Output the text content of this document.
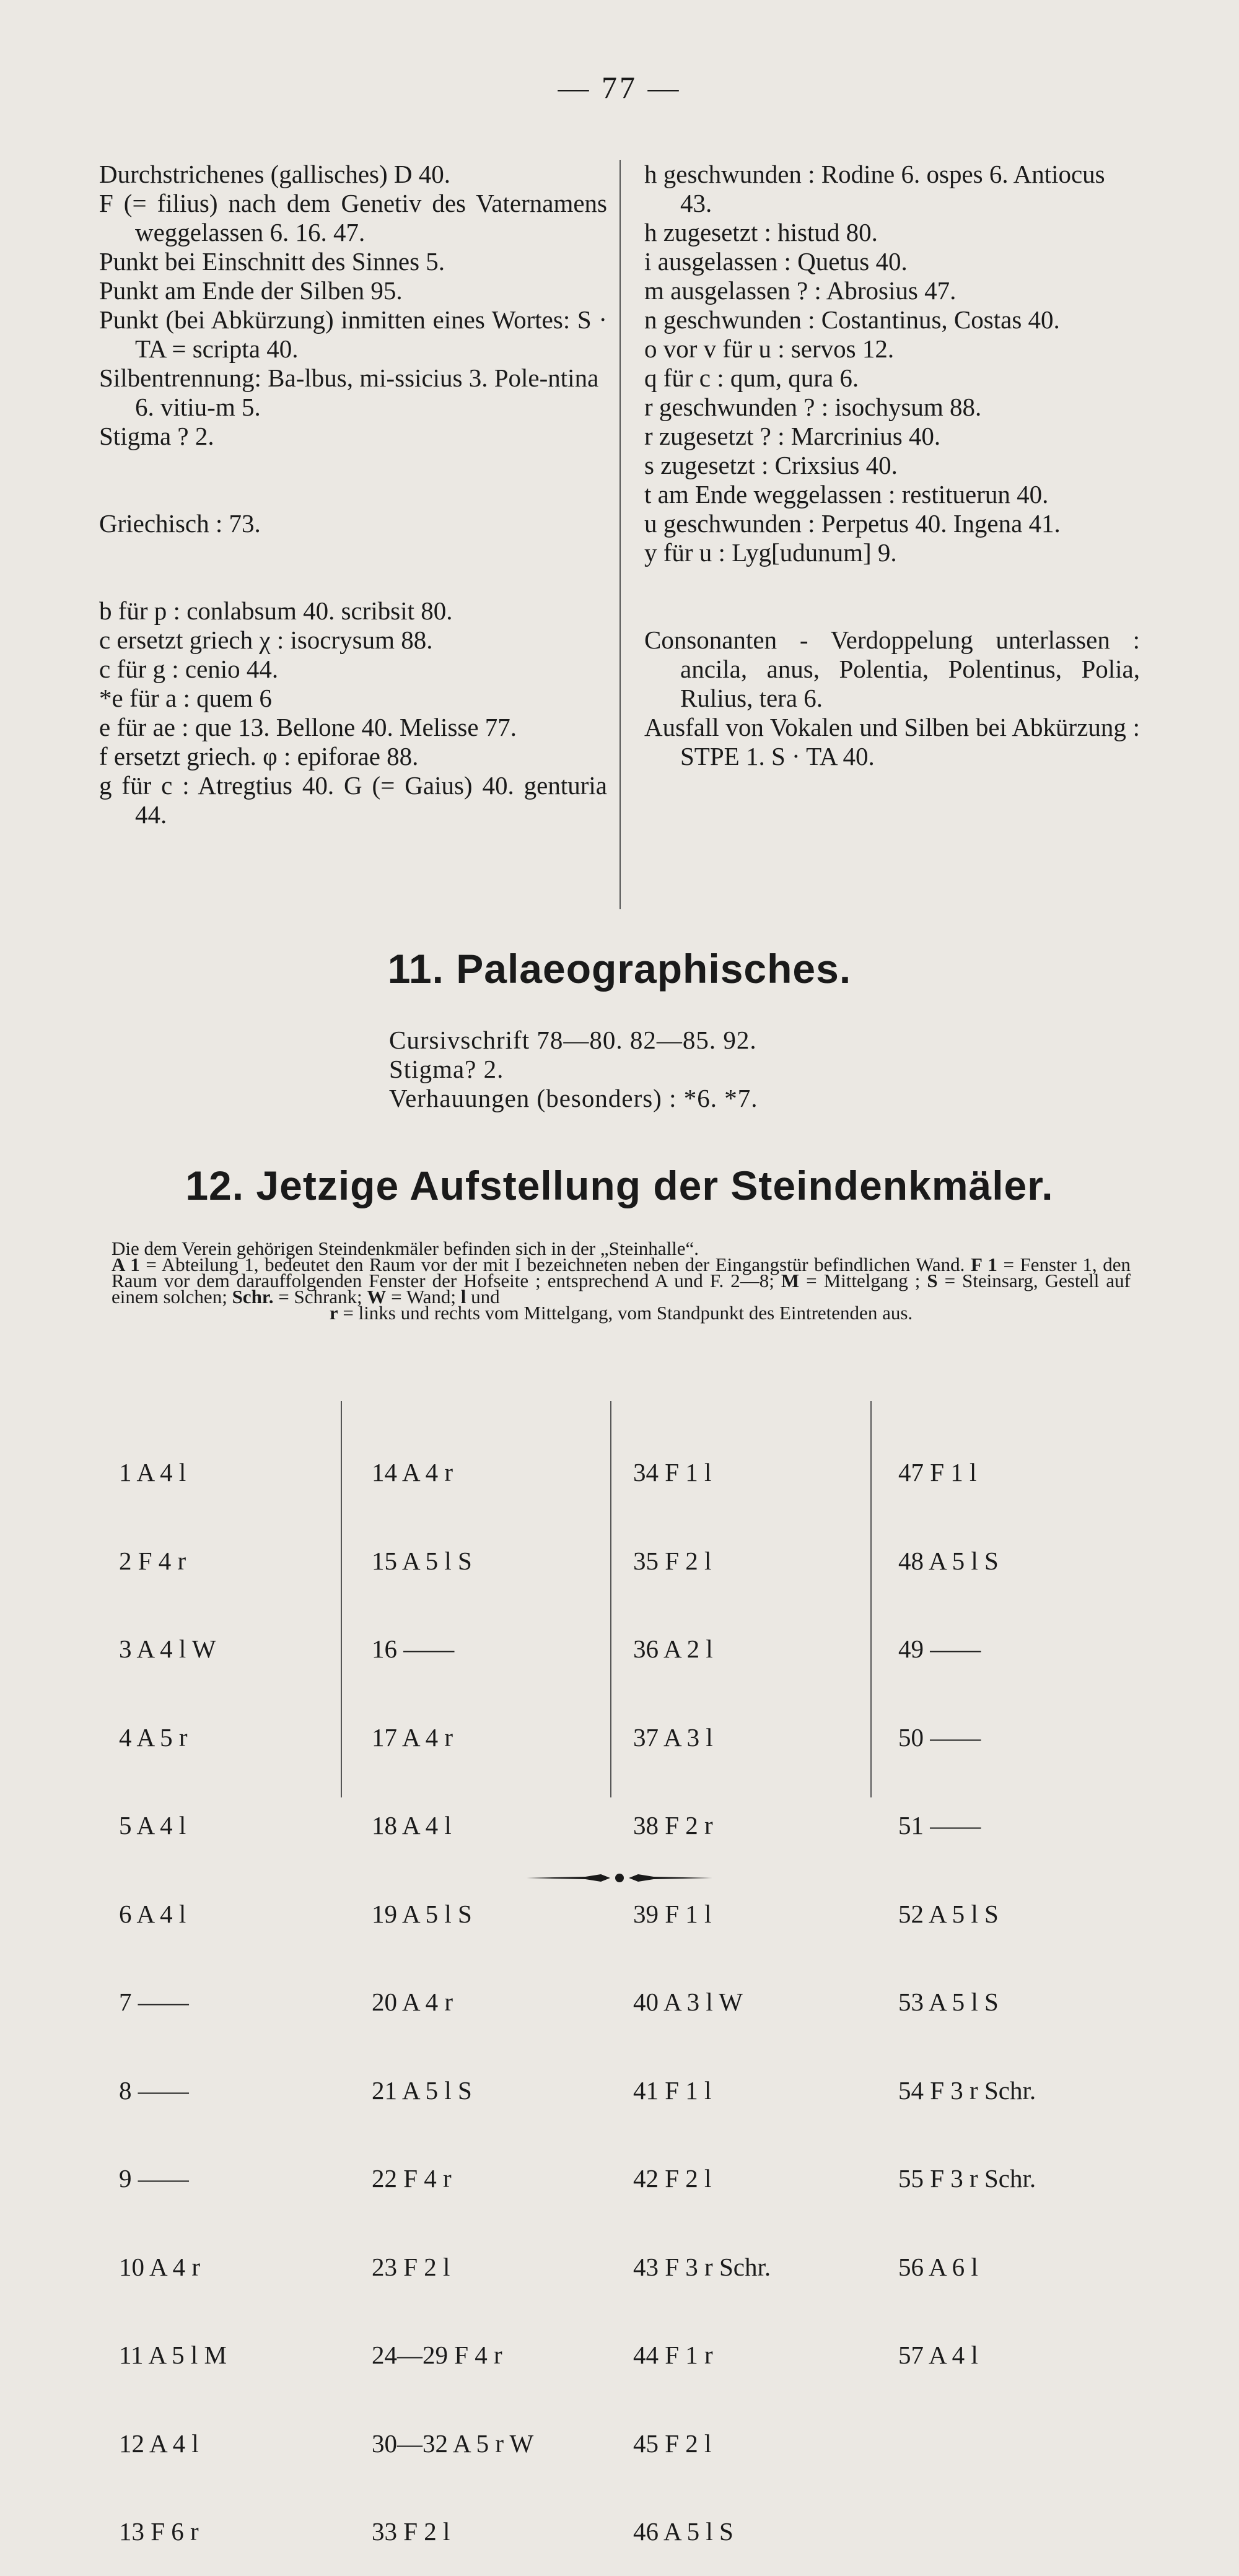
— 77 —

Durchstrichenes (gallisches) D 40.

F (= filius) nach dem Genetiv des Vaternamens weggelassen 6. 16. 47.

Punkt bei Einschnitt des Sinnes 5.

Punkt am Ende der Silben 95.

Punkt (bei Abkürzung) inmitten eines Wortes: S · TA = scripta 40.

Silbentrennung: Ba-lbus, mi-ssicius 3. Pole-ntina 6. vitiu-m 5.

Stigma ? 2.

Griechisch : 73.

b für p : conlabsum 40. scribsit 80.

c ersetzt griech χ : isocrysum 88.

c für g : cenio 44.

*e für a : quem 6

e für ae : que 13. Bellone 40. Melisse 77.

f ersetzt griech. φ : epiforae 88.

g für c : Atregtius 40. G (= Gaius) 40. genturia 44.

h geschwunden : Rodine 6. ospes 6. Antiocus 43.

h zugesetzt : histud 80.

i ausgelassen : Quetus 40.

m ausgelassen ? : Abrosius 47.

n geschwunden : Costantinus, Costas 40.

o vor v für u : servos 12.

q für c : qum, qura 6.

r geschwunden ? : isochysum 88.

r zugesetzt ? : Marcrinius 40.

s zugesetzt : Crixsius 40.

t am Ende weggelassen : restituerun 40.

u geschwunden : Perpetus 40. Ingena 41.

y für u : Lyg[udunum] 9.

Consonanten - Verdoppelung unterlassen : ancila, anus, Polentia, Polentinus, Polia, Rulius, tera 6.

Ausfall von Vokalen und Silben bei Abkürzung : STPE 1. S · TA 40.

11. Palaeographisches.
Cursivschrift 78—80. 82—85. 92.
Stigma? 2.
Verhauungen (besonders) : *6. *7.
12. Jetzige Aufstellung der Steindenkmäler.

Die dem Verein gehörigen Steindenkmäler befinden sich in der „Steinhalle“.

A 1 = Abteilung 1, bedeutet den Raum vor der mit I bezeichneten neben der Eingangstür befindlichen Wand. F 1 = Fenster 1, den Raum vor dem darauffolgenden Fenster der Hofseite ; entsprechend A und F. 2—8; M = Mittelgang ; S = Steinsarg, Gestell auf einem solchen; Schr. = Schrank; W = Wand; l und

r = links und rechts vom Mittelgang, vom Standpunkt des Eintretenden aus.

1 A 4 l

2 F 4 r

3 A 4 l W

4 A 5 r

5 A 4 l

6 A 4 l

7 ——

8 ——

9 ——

10 A 4 r

11 A 5 l M

12 A 4 l

13 F 6 r

14 A 4 r

15 A 5 l S

16 ——

17 A 4 r

18 A 4 l

19 A 5 l S

20 A 4 r

21 A 5 l S

22 F 4 r

23 F 2 l

24—29 F 4 r

30—32 A 5 r W

33 F 2 l

34 F 1 l

35 F 2 l

36 A 2 l

37 A 3 l

38 F 2 r

39 F 1 l

40 A 3 l W

41 F 1 l

42 F 2 l

43 F 3 r Schr.

44 F 1 r

45 F 2 l

46 A 5 l S

47 F 1 l

48 A 5 l S

49 ——

50 ——

51 ——

52 A 5 l S

53 A 5 l S

54 F 3 r Schr.

55 F 3 r Schr.

56 A 6 l

57 A 4 l
